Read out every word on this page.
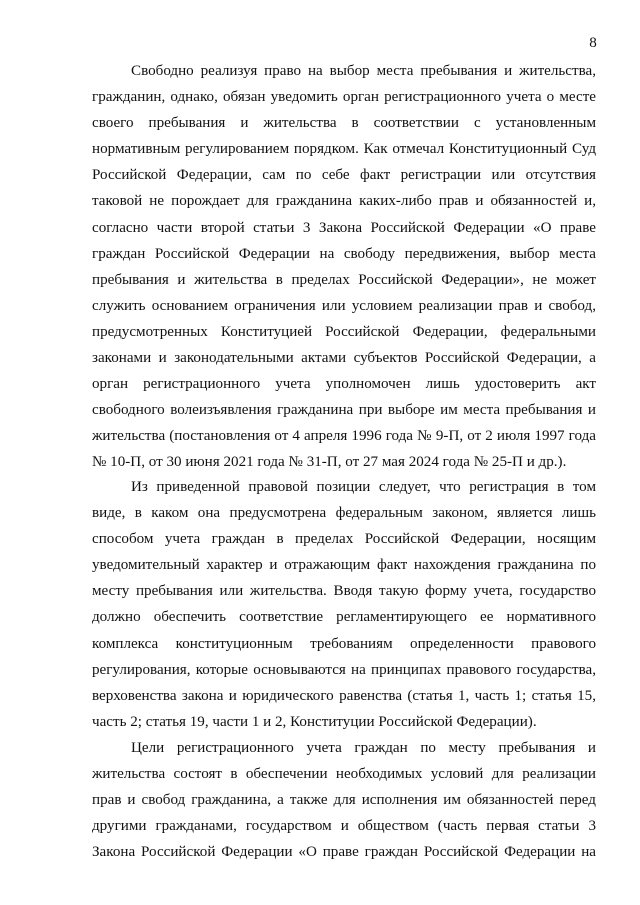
8
Свободно реализуя право на выбор места пребывания и жительства,
гражданин, однако, обязан уведомить орган регистрационного учета о месте
своего пребывания и жительства в соответствии с установленным
нормативным регулированием порядком. Как отмечал Конституционный Суд
Российской Федерации, сам по себе факт регистрации или отсутствия
таковой не порождает для гражданина каких-либо прав и обязанностей и,
согласно части второй статьи 3 Закона Российской Федерации «О праве
граждан Российской Федерации на свободу передвижения, выбор места
пребывания и жительства в пределах Российской Федерации», не может
служить основанием ограничения или условием реализации прав и свобод,
предусмотренных Конституцией Российской Федерации, федеральными
законами и законодательными актами субъектов Российской Федерации, а
орган регистрационного учета уполномочен лишь удостоверить акт
свободного волеизъявления гражданина при выборе им места пребывания и
жительства (постановления от 4 апреля 1996 года № 9-П, от 2 июля 1997 года
№ 10-П, от 30 июня 2021 года № 31-П, от 27 мая 2024 года № 25-П и др.).
Из приведенной правовой позиции следует, что регистрация в том
виде, в каком она предусмотрена федеральным законом, является лишь
способом учета граждан в пределах Российской Федерации, носящим
уведомительный характер и отражающим факт нахождения гражданина по
месту пребывания или жительства. Вводя такую форму учета, государство
должно обеспечить соответствие регламентирующего ее нормативного
комплекса конституционным требованиям определенности правового
регулирования, которые основываются на принципах правового государства,
верховенства закона и юридического равенства (статья 1, часть 1; статья 15,
часть 2; статья 19, части 1 и 2, Конституции Российской Федерации).
Цели регистрационного учета граждан по месту пребывания и
жительства состоят в обеспечении необходимых условий для реализации
прав и свобод гражданина, а также для исполнения им обязанностей перед
другими гражданами, государством и обществом (часть первая статьи 3
Закона Российской Федерации «О праве граждан Российской Федерации на
